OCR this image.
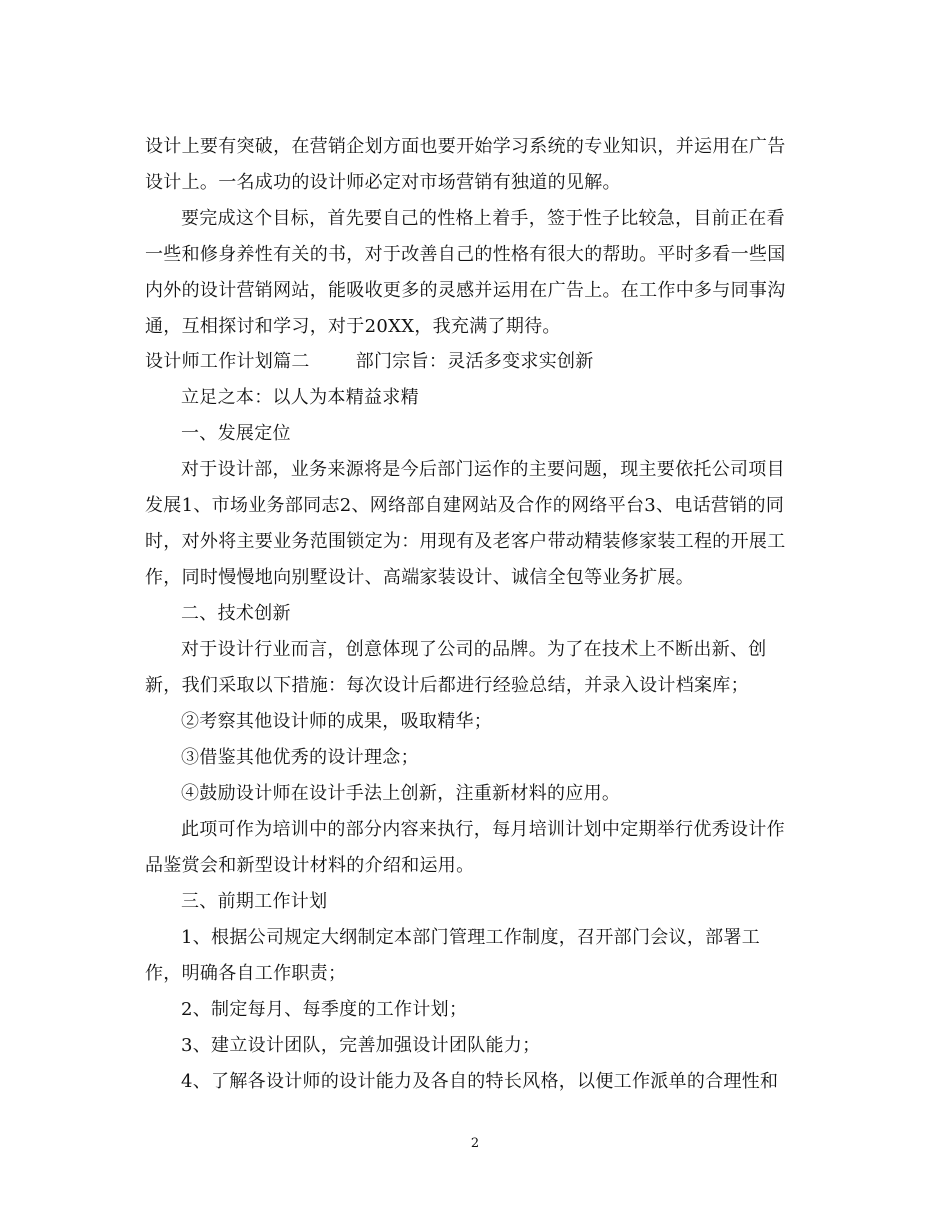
设计上要有突破，在营销企划方面也要开始学习系统的专业知识，并运用在广告
设计上。一名成功的设计师必定对市场营销有独道的见解。
要完成这个目标，首先要自己的性格上着手，签于性子比较急，目前正在看
一些和修身养性有关的书，对于改善自己的性格有很大的帮助。平时多看一些国
内外的设计营销网站，能吸收更多的灵感并运用在广告上。在工作中多与同事沟
通，互相探讨和学习，对于20XX，我充满了期待。
设计师工作计划篇二	部门宗旨：灵活多变求实创新
立足之本：以人为本精益求精
一、发展定位
对于设计部，业务来源将是今后部门运作的主要问题，现主要依托公司项目
发展1、市场业务部同志2、网络部自建网站及合作的网络平台3、电话营销的同
时，对外将主要业务范围锁定为：用现有及老客户带动精装修家装工程的开展工
作，同时慢慢地向别墅设计、高端家装设计、诚信全包等业务扩展。
二、技术创新
对于设计行业而言，创意体现了公司的品牌。为了在技术上不断出新、创
新，我们采取以下措施：每次设计后都进行经验总结，并录入设计档案库；
②考察其他设计师的成果，吸取精华；
③借鉴其他优秀的设计理念；
④鼓励设计师在设计手法上创新，注重新材料的应用。
此项可作为培训中的部分内容来执行，每月培训计划中定期举行优秀设计作
品鉴赏会和新型设计材料的介绍和运用。
三、前期工作计划
1、根据公司规定大纲制定本部门管理工作制度，召开部门会议，部署工
作，明确各自工作职责；
2、制定每月、每季度的工作计划；
3、建立设计团队，完善加强设计团队能力；
4、了解各设计师的设计能力及各自的特长风格，以便工作派单的合理性和
2
